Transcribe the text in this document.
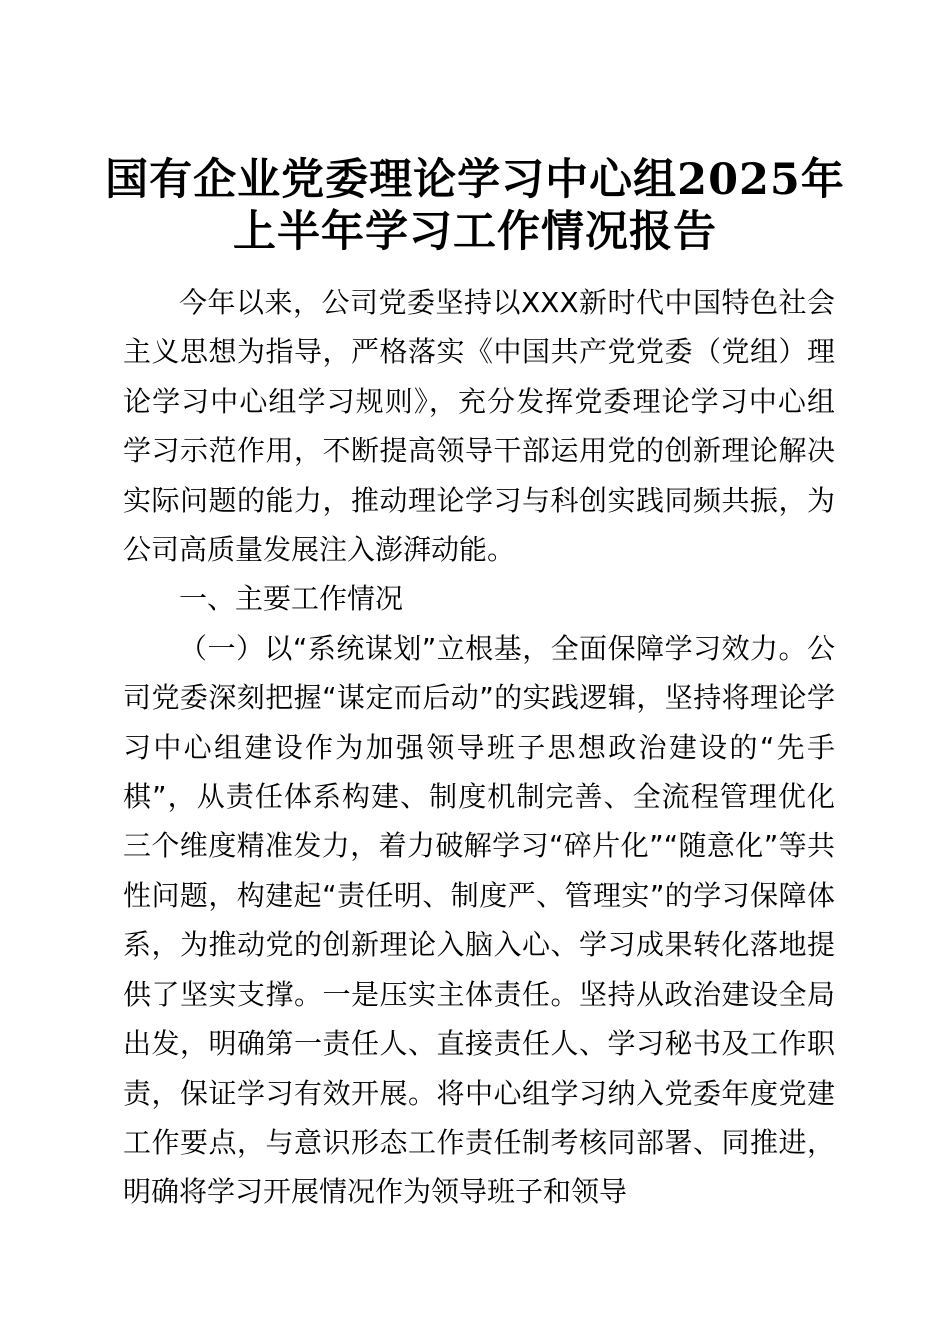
国有企业党委理论学习中心组2025年
上半年学习工作情况报告

今年以来，公司党委坚持以XXX新时代中国特色社会主义思想为指导，严格落实《中国共产党党委（党组）理论学习中心组学习规则》，充分发挥党委理论学习中心组学习示范作用，不断提高领导干部运用党的创新理论解决实际问题的能力，推动理论学习与科创实践同频共振，为公司高质量发展注入澎湃动能。

一、主要工作情况

（一）以“系统谋划”立根基，全面保障学习效力。公司党委深刻把握“谋定而后动”的实践逻辑，坚持将理论学习中心组建设作为加强领导班子思想政治建设的“先手棋”，从责任体系构建、制度机制完善、全流程管理优化三个维度精准发力，着力破解学习“碎片化”“随意化”等共性问题，构建起“责任明、制度严、管理实”的学习保障体系，为推动党的创新理论入脑入心、学习成果转化落地提供了坚实支撑。一是压实主体责任。坚持从政治建设全局出发，明确第一责任人、直接责任人、学习秘书及工作职责，保证学习有效开展。将中心组学习纳入党委年度党建工作要点，与意识形态工作责任制考核同部署、同推进，明确将学习开展情况作为领导班子和领导
